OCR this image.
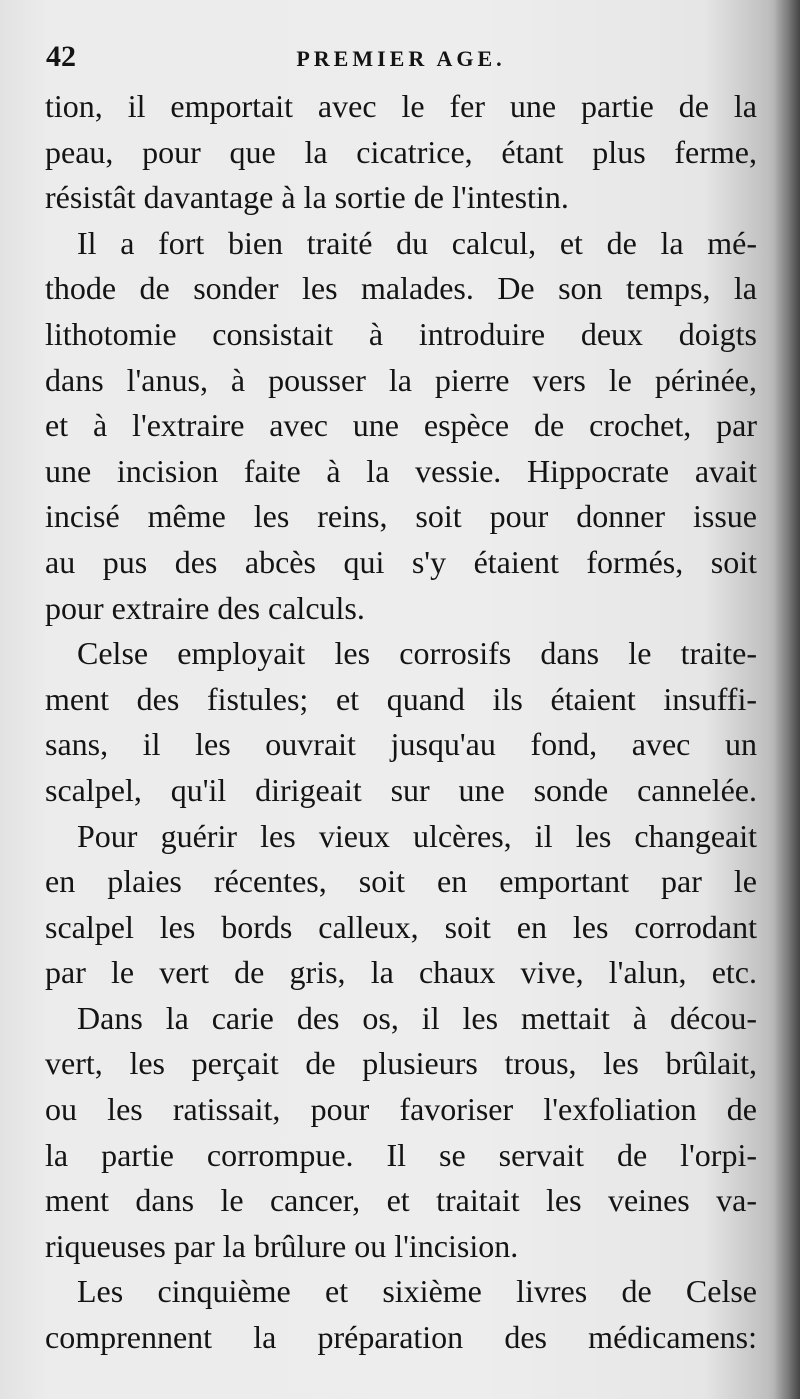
42	PREMIER AGE.
tion, il emportait avec le fer une partie de la
peau, pour que la cicatrice, étant plus ferme,
résistât davantage à la sortie de l'intestin.
Il a fort bien traité du calcul, et de la mé-
thode de sonder les malades. De son temps, la
lithotomie consistait à introduire deux doigts
dans l'anus, à pousser la pierre vers le périnée,
et à l'extraire avec une espèce de crochet, par
une incision faite à la vessie. Hippocrate avait
incisé même les reins, soit pour donner issue
au pus des abcès qui s'y étaient formés, soit
pour extraire des calculs.
Celse employait les corrosifs dans le traite-
ment des fistules; et quand ils étaient insuffi-
sans, il les ouvrait jusqu'au fond, avec un
scalpel, qu'il dirigeait sur une sonde cannelée.
Pour guérir les vieux ulcères, il les changeait
en plaies récentes, soit en emportant par le
scalpel les bords calleux, soit en les corrodant
par le vert de gris, la chaux vive, l'alun, etc.
Dans la carie des os, il les mettait à décou-
vert, les perçait de plusieurs trous, les brûlait,
ou les ratissait, pour favoriser l'exfoliation de
la partie corrompue. Il se servait de l'orpi-
ment dans le cancer, et traitait les veines va-
riqueuses par la brûlure ou l'incision.
Les cinquième et sixième livres de Celse
comprennent la préparation des médicamens:
